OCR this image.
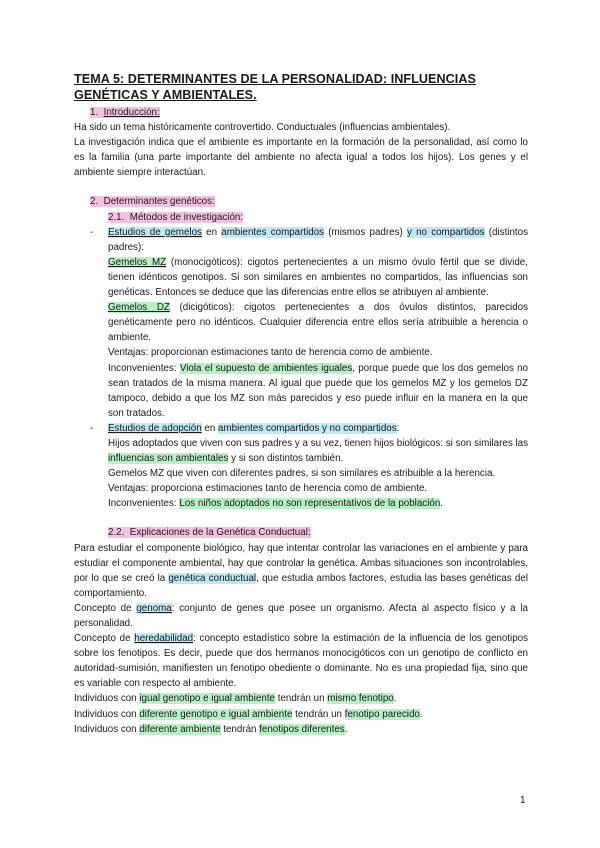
TEMA 5: DETERMINANTES DE LA PERSONALIDAD: INFLUENCIAS
GENÉTICAS Y AMBIENTALES.
1. Introducción:
Ha sido un tema históricamente controvertido. Conductuales (influencias ambientales).
La investigación indica que el ambiente es importante en la formación de la personalidad, así como lo es la familia (una parte importante del ambiente no afecta igual a todos los hijos). Los genes y el ambiente siempre interactúan.
2. Determinantes genéticos:
2.1. Métodos de investigación:
- Estudios de gemelos en ambientes compartidos (mismos padres) y no compartidos (distintos padres):
Gemelos MZ (monocigóticos): cigotos pertenecientes a un mismo óvulo fértil que se divide, tienen idénticos genotipos. Si son similares en ambientes no compartidos, las influencias son genéticas. Entonces se deduce que las diferencias entre ellos se atribuyen al ambiente.
Gemelos DZ (dicigóticos): cigotos pertenecientes a dos óvulos distintos, parecidos genéticamente pero no idénticos. Cualquier diferencia entre ellos sería atribuible a herencia o ambiente.
Ventajas: proporcionan estimaciones tanto de herencia como de ambiente.
Inconvenientes: Viola el supuesto de ambientes iguales, porque puede que los dos gemelos no sean tratados de la misma manera. Al igual que puede que los gemelos MZ y los gemelos DZ tampoco, debido a que los MZ son más parecidos y eso puede influir en la manera en la que son tratados.
- Estudios de adopción en ambientes compartidos y no compartidos:
Hijos adoptados que viven con sus padres y a su vez, tienen hijos biológicos: si son similares las influencias son ambientales y si son distintos también.
Gemelos MZ que viven con diferentes padres, si son similares es atribuible a la herencia.
Ventajas: proporciona estimaciones tanto de herencia como de ambiente.
Inconvenientes: Los niños adoptados no son representativos de la población.
2.2. Explicaciones de la Genética Conductual:
Para estudiar el componente biológico, hay que intentar controlar las variaciones en el ambiente y para estudiar el componente ambiental, hay que controlar la genética. Ambas situaciones son incontrolables, por lo que se creó la genética conductual, que estudia ambos factores, estudia las bases genéticas del comportamiento.
Concepto de genoma: conjunto de genes que posee un organismo. Afecta al aspecto físico y a la personalidad.
Concepto de heredabilidad: concepto estadístico sobre la estimación de la influencia de los genotipos sobre los fenotipos. Es decir, puede que dos hermanos monocigóticos con un genotipo de conflicto en autoridad-sumisión, manifiesten un fenotipo obediente o dominante. No es una propiedad fija, sino que es variable con respecto al ambiente.
Individuos con igual genotipo e igual ambiente tendrán un mismo fenotipo.
Individuos con diferente genotipo e igual ambiente tendrán un fenotipo parecido.
Individuos con diferente ambiente tendrán fenotipos diferentes.
1
